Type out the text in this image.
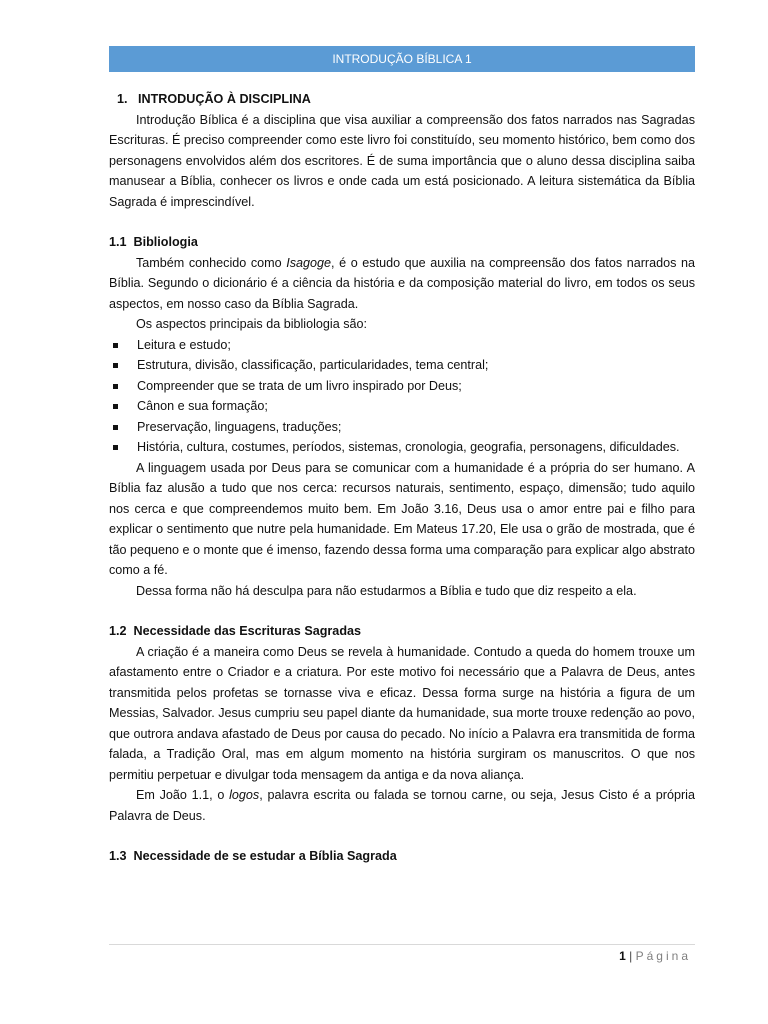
INTRODUÇÃO BÍBLICA 1

1.   INTRODUÇÃO À DISCIPLINA

Introdução Bíblica é a disciplina que visa auxiliar a compreensão dos fatos narrados nas Sagradas Escrituras. É preciso compreender como este livro foi constituído, seu momento histórico, bem como dos personagens envolvidos além dos escritores. É de suma importância que o aluno dessa disciplina saiba manusear a Bíblia, conhecer os livros e onde cada um está posicionado. A leitura sistemática da Bíblia Sagrada é imprescindível.

1.1  Bibliologia

Também conhecido como Isagoge, é o estudo que auxilia na compreensão dos fatos narrados na Bíblia. Segundo o dicionário é a ciência da história e da composição material do livro, em todos os seus aspectos, em nosso caso da Bíblia Sagrada.

Os aspectos principais da bibliologia são:

Leitura e estudo;
Estrutura, divisão, classificação, particularidades, tema central;
Compreender que se trata de um livro inspirado por Deus;
Cânon e sua formação;
Preservação, linguagens, traduções;
História, cultura, costumes, períodos, sistemas, cronologia, geografia, personagens, dificuldades.

A linguagem usada por Deus para se comunicar com a humanidade é a própria do ser humano. A Bíblia faz alusão a tudo que nos cerca: recursos naturais, sentimento, espaço, dimensão; tudo aquilo nos cerca e que compreendemos muito bem. Em João 3.16, Deus usa o amor entre pai e filho para explicar o sentimento que nutre pela humanidade. Em Mateus 17.20, Ele usa o grão de mostrada, que é tão pequeno e o monte que é imenso, fazendo dessa forma uma comparação para explicar algo abstrato como a fé.

Dessa forma não há desculpa para não estudarmos a Bíblia e tudo que diz respeito a ela.

1.2  Necessidade das Escrituras Sagradas

A criação é a maneira como Deus se revela à humanidade. Contudo a queda do homem trouxe um afastamento entre o Criador e a criatura. Por este motivo foi necessário que a Palavra de Deus, antes transmitida pelos profetas se tornasse viva e eficaz. Dessa forma surge na história a figura de um Messias, Salvador. Jesus cumpriu seu papel diante da humanidade, sua morte trouxe redenção ao povo, que outrora andava afastado de Deus por causa do pecado. No início a Palavra era transmitida de forma falada, a Tradição Oral, mas em algum momento na história surgiram os manuscritos. O que nos permitiu perpetuar e divulgar toda mensagem da antiga e da nova aliança.

Em João 1.1, o logos, palavra escrita ou falada se tornou carne, ou seja, Jesus Cisto é a própria Palavra de Deus.

1.3  Necessidade de se estudar a Bíblia Sagrada

1 | Página
